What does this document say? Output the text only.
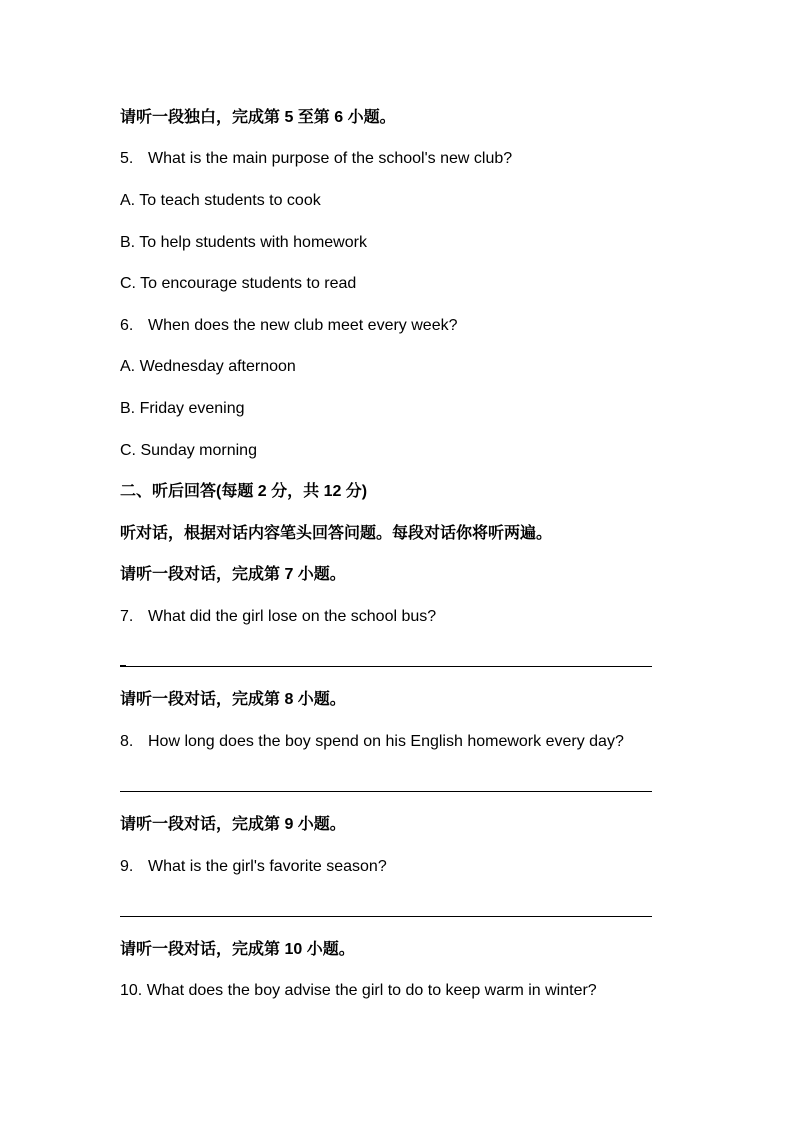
请听一段独白，完成第 5 至第 6 小题。
5. What is the main purpose of the school's new club?
A. To teach students to cook
B. To help students with homework
C. To encourage students to read
6. When does the new club meet every week?
A. Wednesday afternoon
B. Friday evening
C. Sunday morning
二、听后回答(每题 2 分，共 12 分)
听对话，根据对话内容笔头回答问题。每段对话你将听两遍。
请听一段对话，完成第 7 小题。
7. What did the girl lose on the school bus?
请听一段对话，完成第 8 小题。
8. How long does the boy spend on his English homework every day?
请听一段对话，完成第 9 小题。
9. What is the girl's favorite season?
请听一段对话，完成第 10 小题。
10. What does the boy advise the girl to do to keep warm in winter?
